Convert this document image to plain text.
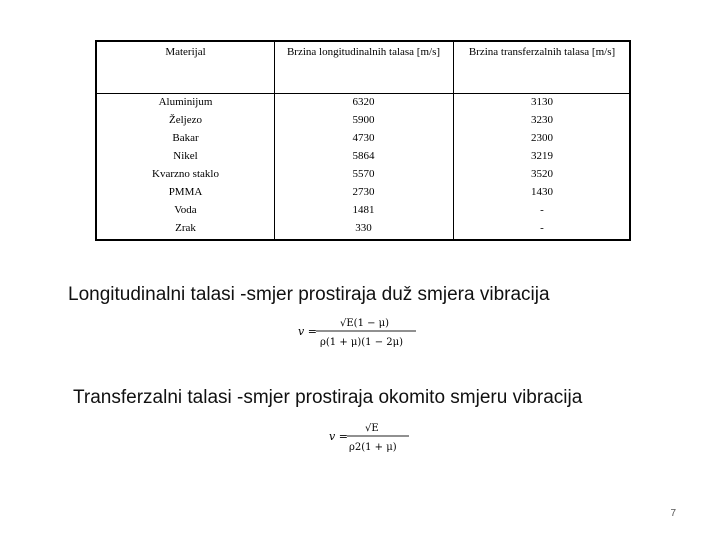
Materijal	Brzina longitudinalnih talasa [m/s]	Brzina transferzalnih talasa [m/s]
Aluminijum	6320	3130
Željezo	5900	3230
Bakar	4730	2300
Nikel	5864	3219
Kvarzno staklo	5570	3520
PMMA	2730	1430
Voda	1481	-
Zrak	330	-
Longitudinalni talasi -smjer prostiraja duž smjera vibracija
v =
√E(1 − μ)
ρ(1 + μ)(1 − 2μ)
Transferzalni talasi -smjer prostiraja okomito smjeru vibracija
v =
√E
ρ2(1 + μ)
7
